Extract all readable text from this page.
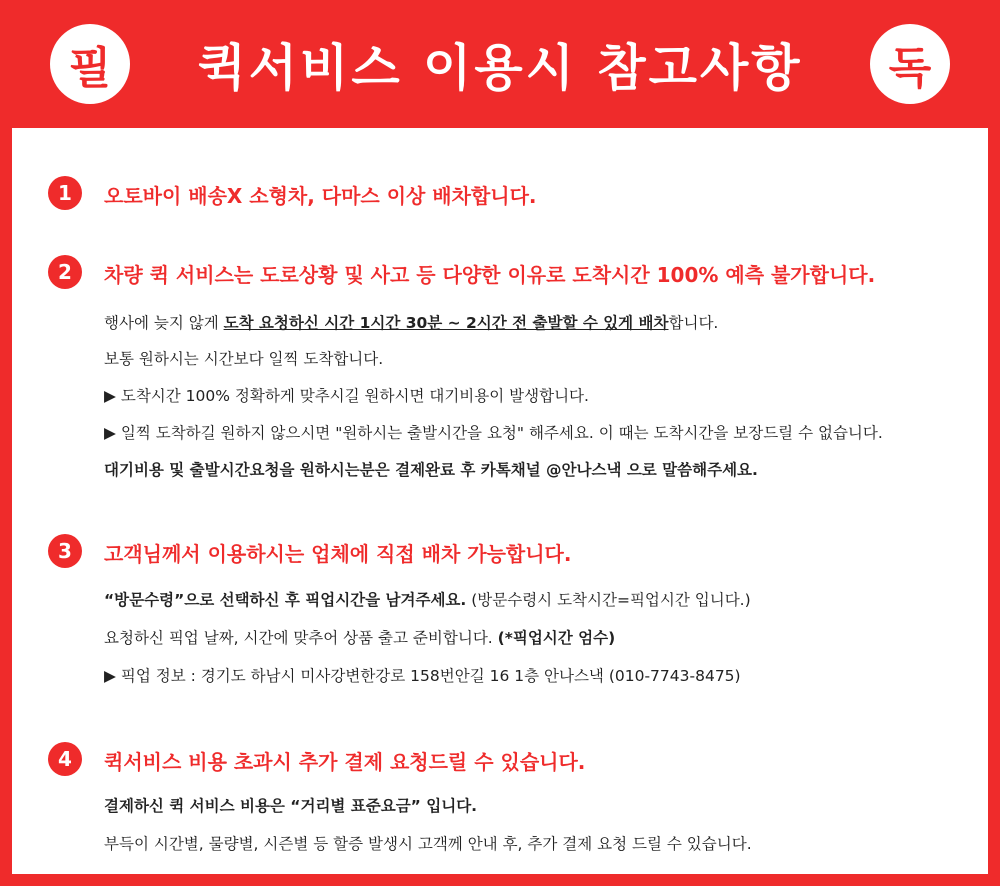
필	퀵서비스 이용시 참고사항	독
1	오토바이 배송X 소형차, 다마스 이상 배차합니다.
2	차량 퀵 서비스는 도로상황 및 사고 등 다양한 이유로 도착시간 100% 예측 불가합니다.
행사에 늦지 않게 도착 요청하신 시간 1시간 30분 ~ 2시간 전 출발할 수 있게 배차합니다.
보통 원하시는 시간보다 일찍 도착합니다.
▶ 도착시간 100% 정확하게 맞추시길 원하시면 대기비용이 발생합니다.
▶ 일찍 도착하길 원하지 않으시면 "원하시는 출발시간을 요청" 해주세요. 이 때는 도착시간을 보장드릴 수 없습니다.
대기비용 및 출발시간요청을 원하시는분은 결제완료 후 카톡채널 @안나스낵 으로 말씀해주세요.
3	고객님께서 이용하시는 업체에 직접 배차 가능합니다.
“방문수령”으로 선택하신 후 픽업시간을 남겨주세요. (방문수령시 도착시간=픽업시간 입니다.)
요청하신 픽업 날짜, 시간에 맞추어 상품 출고 준비합니다. (*픽업시간 엄수)
▶ 픽업 정보 : 경기도 하남시 미사강변한강로 158번안길 16 1층 안나스낵 (010-7743-8475)
4	퀵서비스 비용 초과시 추가 결제 요청드릴 수 있습니다.
결제하신 퀵 서비스 비용은 “거리별 표준요금” 입니다.
부득이 시간별, 물량별, 시즌별 등 할증 발생시 고객께 안내 후, 추가 결제 요청 드릴 수 있습니다.
